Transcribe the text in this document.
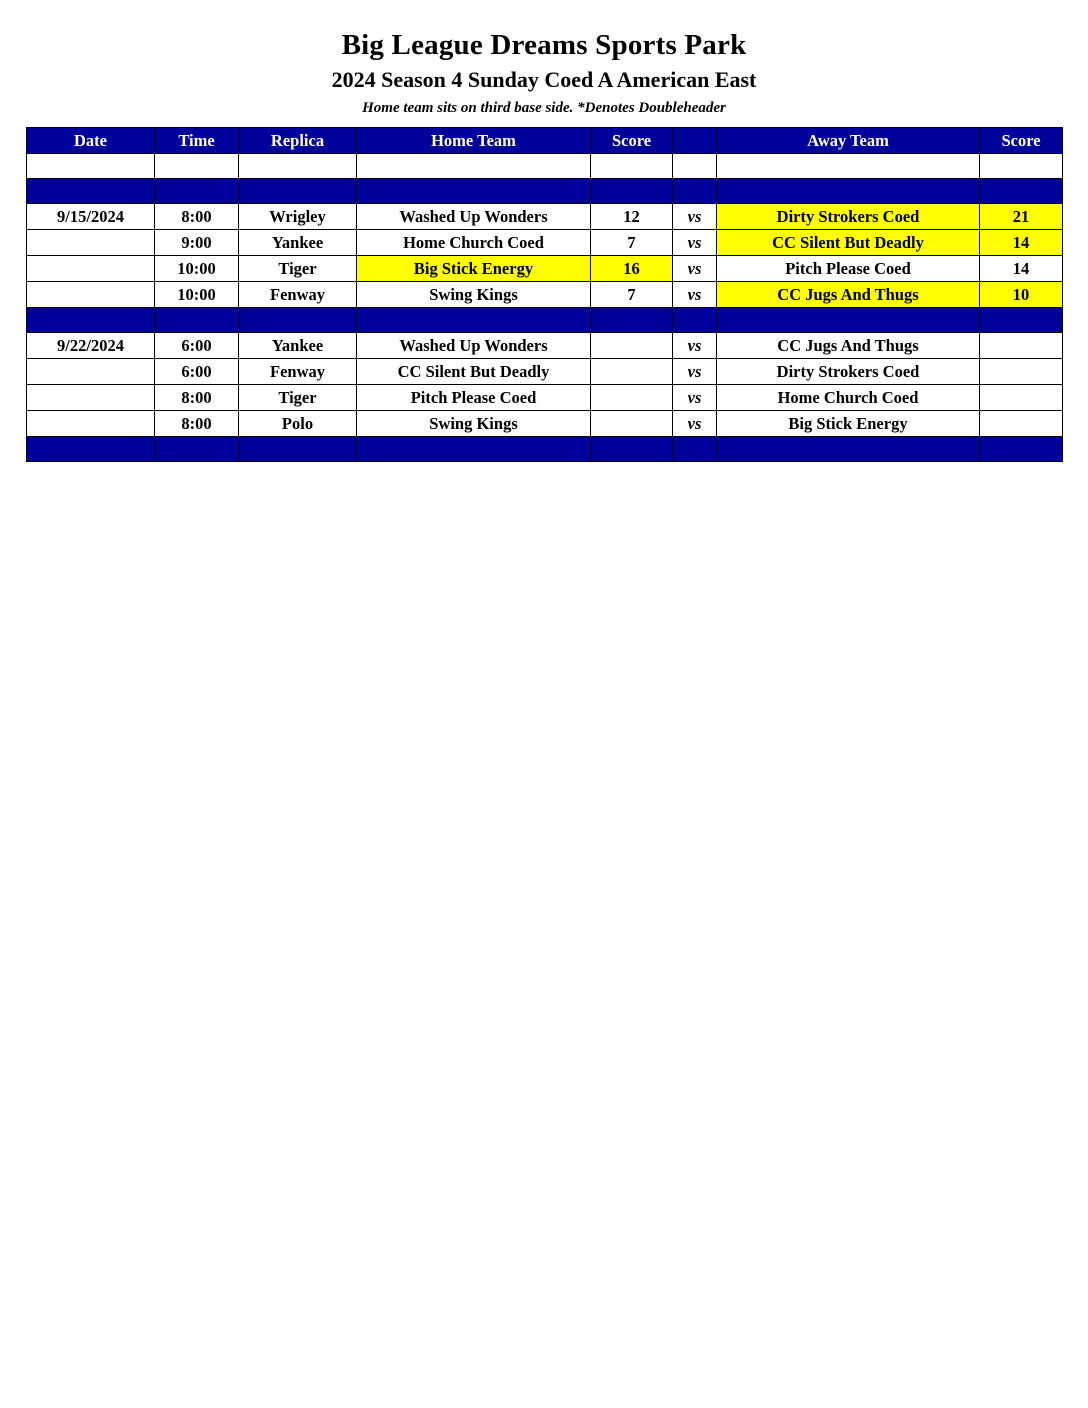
Big League Dreams Sports Park
2024 Season 4 Sunday Coed A American East
Home team sits on third base side. *Denotes Doubleheader
Date	Time	Replica	Home Team	Score		Away Team	Score

9/15/2024	8:00	Wrigley	Washed Up Wonders	12	vs	Dirty Strokers Coed	21
	9:00	Yankee	Home Church Coed	7	vs	CC Silent But Deadly	14
	10:00	Tiger	Big Stick Energy	16	vs	Pitch Please Coed	14
	10:00	Fenway	Swing Kings	7	vs	CC Jugs And Thugs	10

9/22/2024	6:00	Yankee	Washed Up Wonders		vs	CC Jugs And Thugs	
	6:00	Fenway	CC Silent But Deadly		vs	Dirty Strokers Coed	
	8:00	Tiger	Pitch Please Coed		vs	Home Church Coed	
	8:00	Polo	Swing Kings		vs	Big Stick Energy	
